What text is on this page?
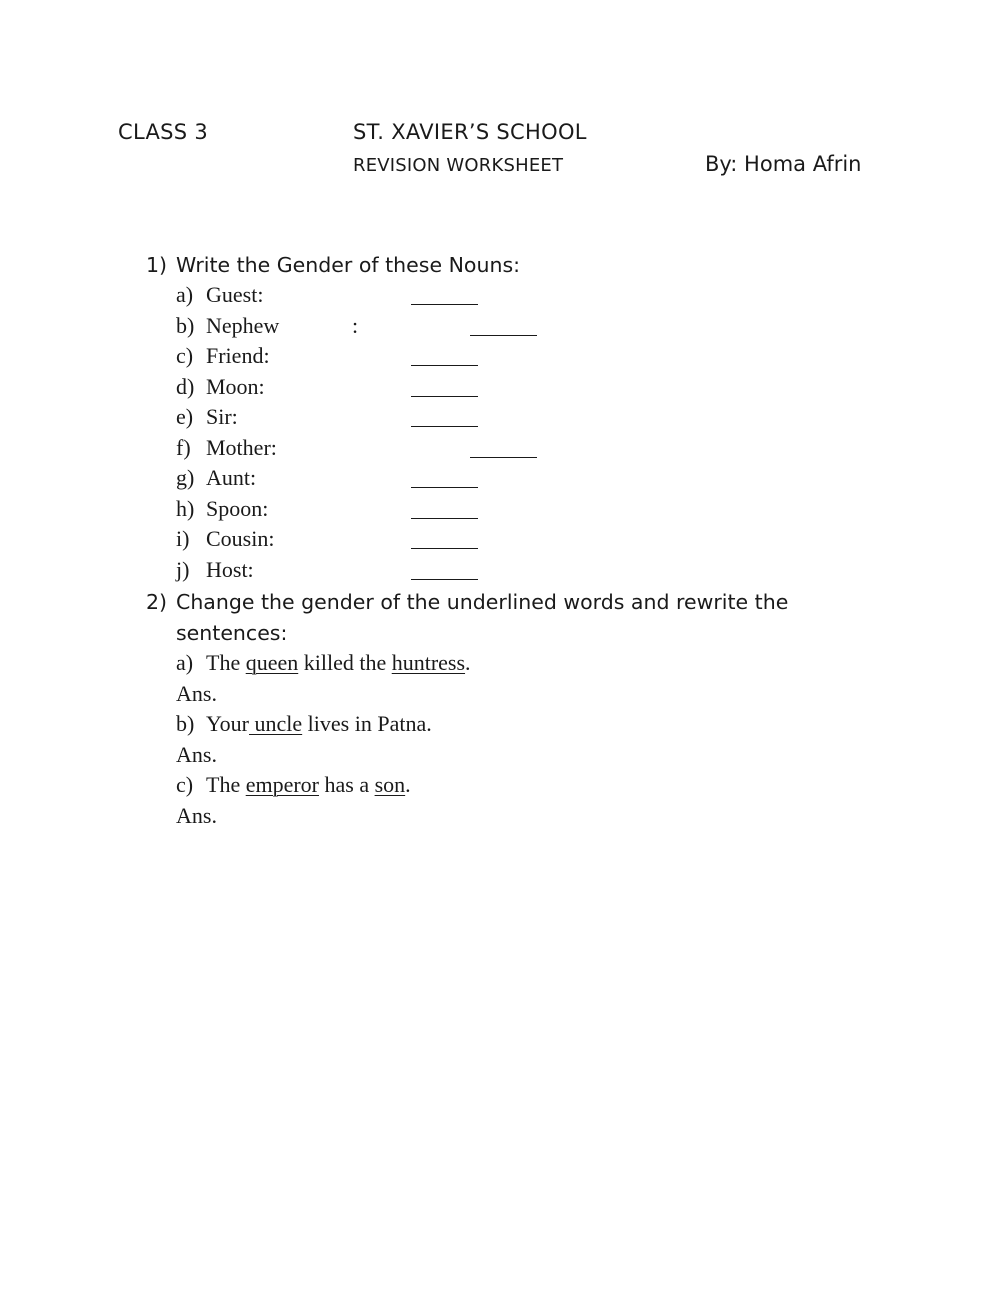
CLASS 3	ST. XAVIER’S SCHOOL
REVISION WORKSHEET	By: Homa Afrin
1) Write the Gender of these Nouns:
a) Guest:
b) Nephew	:
c) Friend:
d) Moon:
e) Sir:
f) Mother:
g) Aunt:
h) Spoon:
i) Cousin:
j) Host:
2) Change the gender of the underlined words and rewrite the
sentences:
a) The queen killed the huntress.
Ans.
b) Your uncle lives in Patna.
Ans.
c) The emperor has a son.
Ans.
